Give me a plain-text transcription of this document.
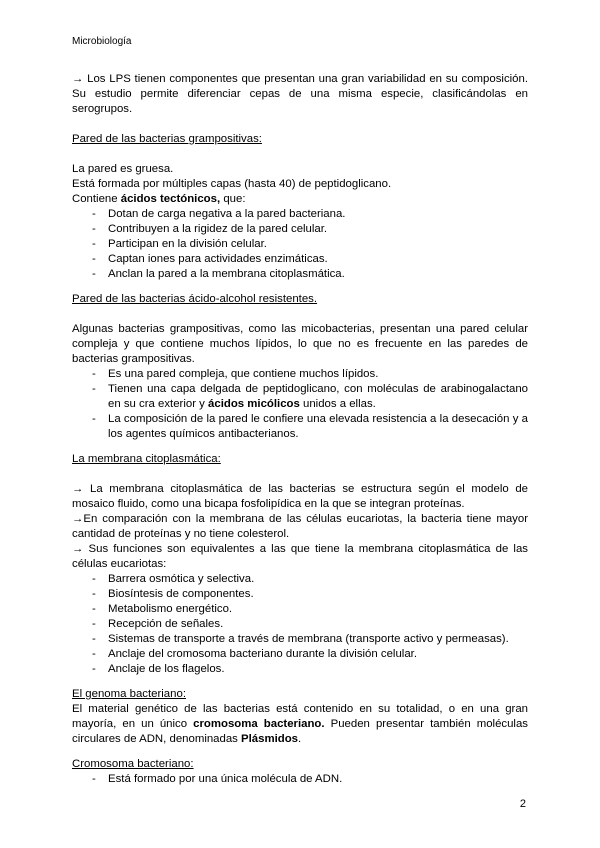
Microbiología

→ Los LPS tienen componentes que presentan una gran variabilidad en su composición. Su estudio permite diferenciar cepas de una misma especie, clasificándolas en serogrupos.

Pared de las bacterias grampositivas:

La pared es gruesa.

Está formada por múltiples capas (hasta 40) de peptidoglicano.

Contiene ácidos tectónicos, que:

- Dotan de carga negativa a la pared bacteriana.
- Contribuyen a la rigidez de la pared celular.
- Participan en la división celular.
- Captan iones para actividades enzimáticas.
- Anclan la pared a la membrana citoplasmática.

Pared de las bacterias ácido-alcohol resistentes.

Algunas bacterias grampositivas, como las micobacterias, presentan una pared celular compleja y que contiene muchos lípidos, lo que no es frecuente en las paredes de bacterias grampositivas.

- Es una pared compleja, que contiene muchos lípidos.
- Tienen una capa delgada de peptidoglicano, con moléculas de arabinogalactano en su cra exterior y ácidos micólicos unidos a ellas.
- La composición de la pared le confiere una elevada resistencia a la desecación y a los agentes químicos antibacterianos.

La membrana citoplasmática:

→ La membrana citoplasmática de las bacterias se estructura según el modelo de mosaico fluido, como una bicapa fosfolipídica en la que se integran proteínas.

→En comparación con la membrana de las células eucariotas, la bacteria tiene mayor cantidad de proteínas y no tiene colesterol.

→ Sus funciones son equivalentes a las que tiene la membrana citoplasmática de las células eucariotas:

- Barrera osmótica y selectiva.
- Biosíntesis de componentes.
- Metabolismo energético.
- Recepción de señales.
- Sistemas de transporte a través de membrana (transporte activo y permeasas).
- Anclaje del cromosoma bacteriano durante la división celular.
- Anclaje de los flagelos.

El genoma bacteriano:

El material genético de las bacterias está contenido en su totalidad, o en una gran mayoría, en un único cromosoma bacteriano. Pueden presentar también moléculas circulares de ADN, denominadas Plásmidos.

Cromosoma bacteriano:

- Está formado por una única molécula de ADN.
2
